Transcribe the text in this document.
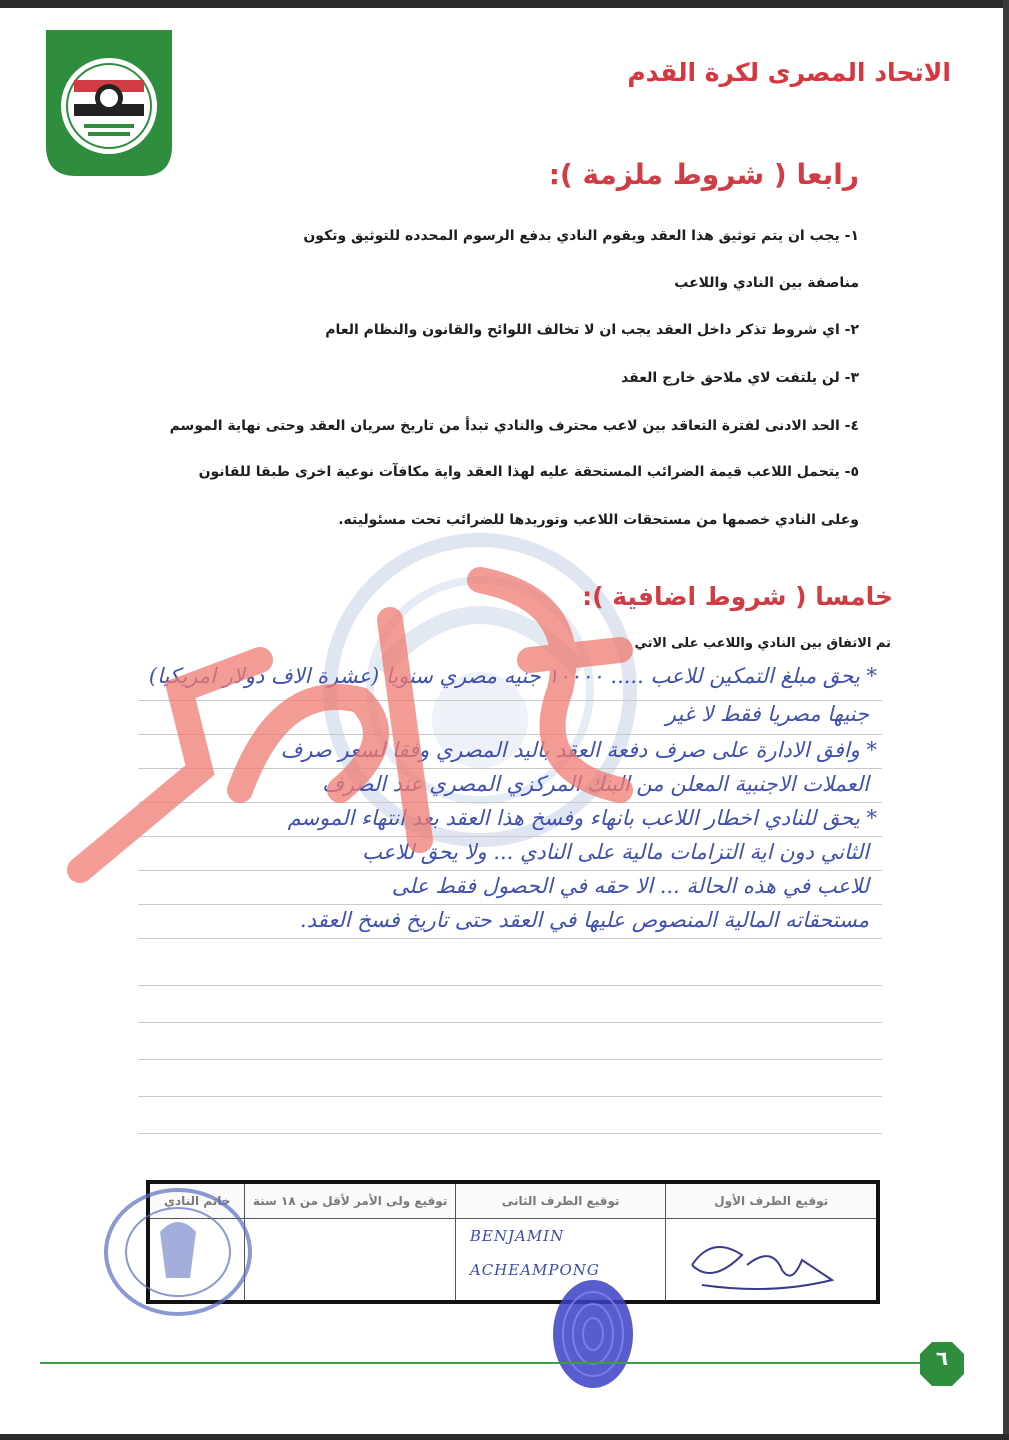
الاتحاد المصرى لكرة القدم
رابعا ( شروط ملزمة ):
١- يجب ان يتم توثيق هذا العقد ويقوم النادي بدفع الرسوم المحدده للتوثيق وتكون
مناصفة بين النادي واللاعب
٢- اي شروط تذكر داخل العقد يجب ان لا تخالف اللوائح والقانون والنظام العام
٣- لن يلتفت لاي ملاحق خارج العقد
٤- الحد الادنى لفترة التعاقد بين لاعب محترف والنادي تبدأ من تاريخ سريان العقد وحتى نهاية الموسم
٥- يتحمل اللاعب قيمة الضرائب المستحقة عليه لهذا العقد واية مكافآت نوعية اخرى طبقا للقانون
وعلى النادي خصمها من مستحقات اللاعب وتوريدها للضرائب تحت مسئوليته.
خامسا ( شروط اضافية ):
تم الاتفاق بين النادي واللاعب على الاتي
* يحق مبلغ التمكين للاعب ..... ١٠٠٠٠ جنيه مصري سنويا (عشرة الاف دولار امريكيا)
جنيها مصريا فقط لا غير
* وافق الادارة على صرف دفعة العقد باليد المصري وفقا لسعر صرف
العملات الاجنبية المعلن من البنك المركزي المصري عند الصرف
* يحق للنادي اخطار اللاعب بانهاء وفسخ هذا العقد بعد انتهاء الموسم
الثاني دون اية التزامات مالية على النادي ... ولا يحق للاعب
للاعب في هذه الحالة ... الا حقه في الحصول فقط على
مستحقاته المالية المنصوص عليها في العقد حتى تاريخ فسخ العقد.
توقيع الطرف الأول
توقيع الطرف الثانى
BENJAMIN
ACHEAMPONG
توقيع ولى الأمر لأقل من ١٨ سنة
خاتم النادي
٦
